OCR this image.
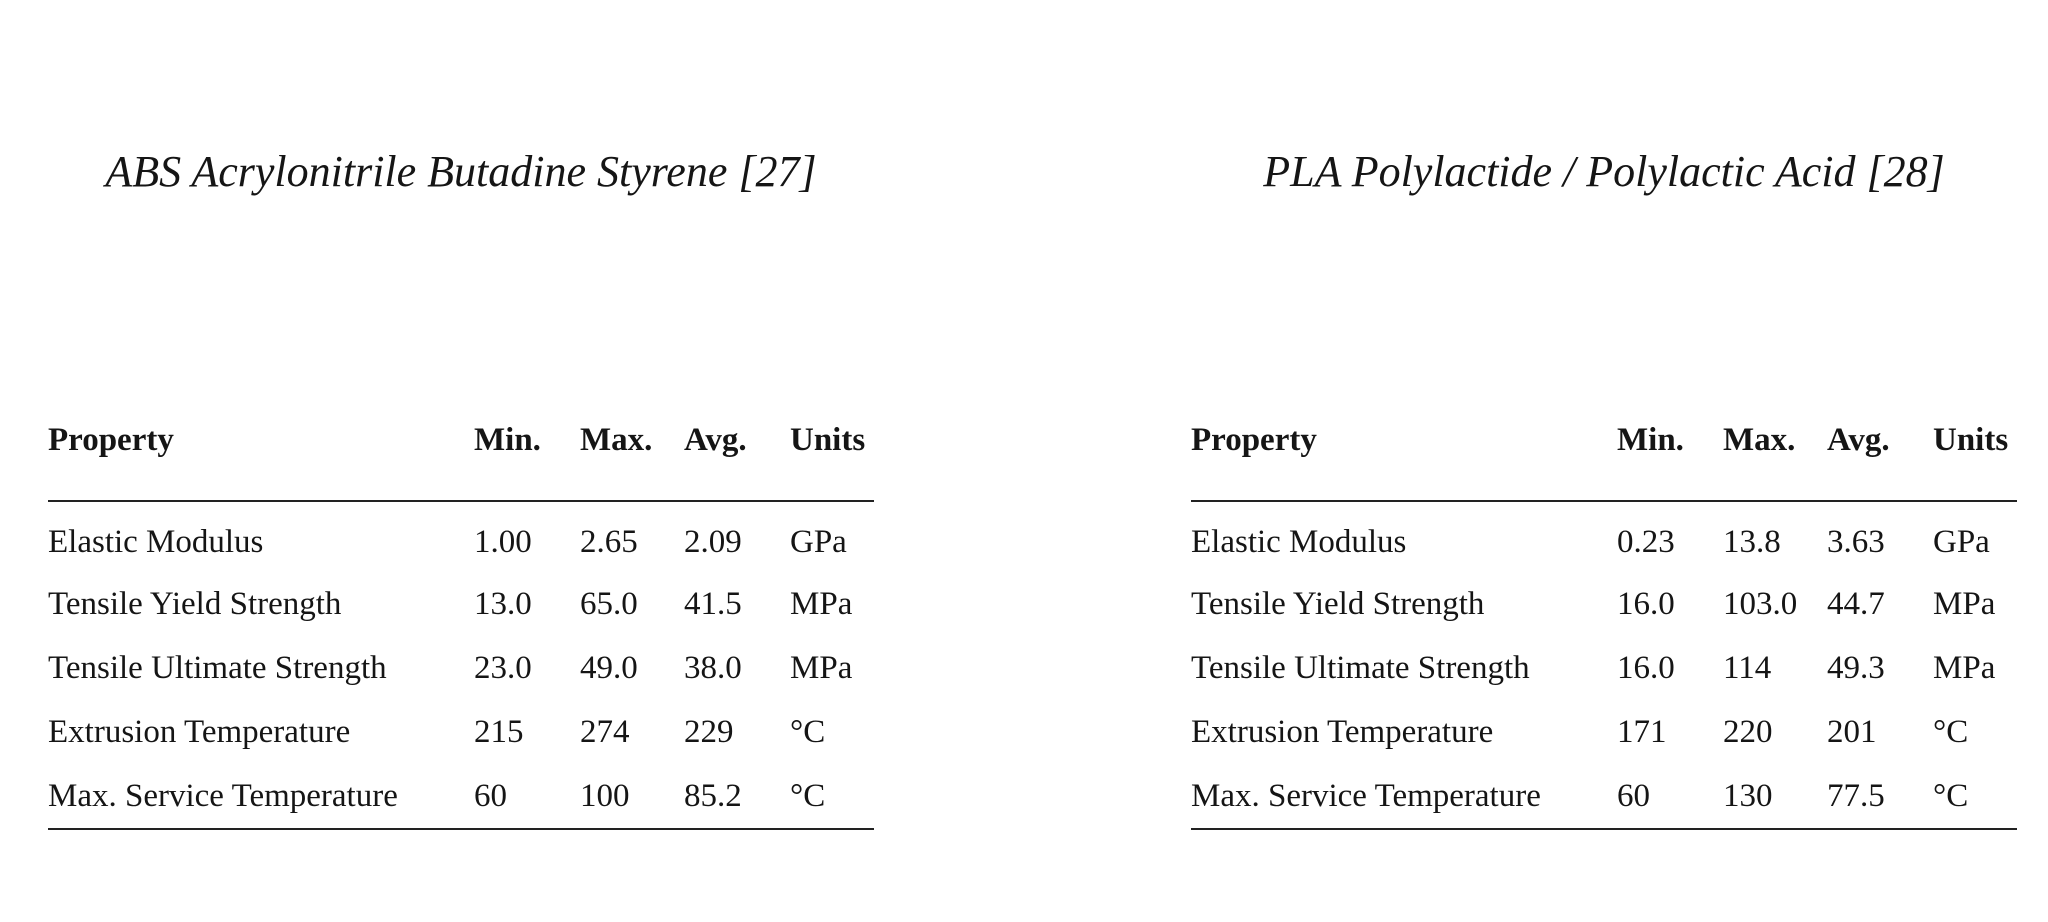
ABS Acrylonitrile Butadine Styrene [27]
Property	Min.	Max.	Avg.	Units
Elastic Modulus	1.00	2.65	2.09	GPa
Tensile Yield Strength	13.0	65.0	41.5	MPa
Tensile Ultimate Strength	23.0	49.0	38.0	MPa
Extrusion Temperature	215	274	229	°C
Max. Service Temperature	60	100	85.2	°C
PLA Polylactide / Polylactic Acid [28]
Property	Min.	Max.	Avg.	Units
Elastic Modulus	0.23	13.8	3.63	GPa
Tensile Yield Strength	16.0	103.0	44.7	MPa
Tensile Ultimate Strength	16.0	114	49.3	MPa
Extrusion Temperature	171	220	201	°C
Max. Service Temperature	60	130	77.5	°C
